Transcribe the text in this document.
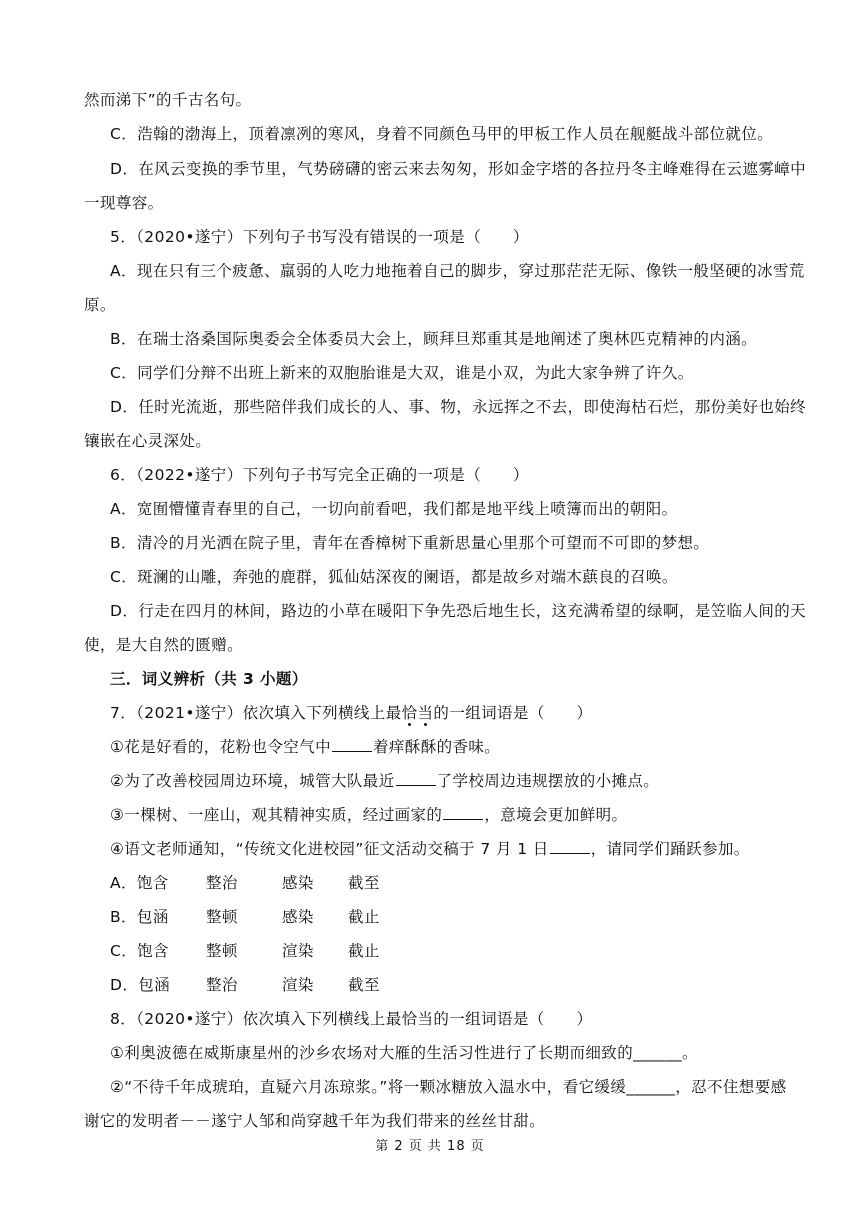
然而涕下”的千古名句。
C．浩翰的渤海上，顶着凛冽的寒风，身着不同颜色马甲的甲板工作人员在舰艇战斗部位就位。
D．在风云变换的季节里，气势磅礴的密云来去匆匆，形如金字塔的各拉丹冬主峰难得在云遮雾嶂中
一现尊容。
5．（2020•遂宁）下列句子书写没有错误的一项是（　　）
A．现在只有三个疲惫、羸弱的人吃力地拖着自己的脚步，穿过那茫茫无际、像铁一般坚硬的冰雪荒
原。
B．在瑞士洛桑国际奥委会全体委员大会上，顾拜旦郑重其是地阐述了奥林匹克精神的内涵。
C．同学们分辩不出班上新来的双胞胎谁是大双，谁是小双，为此大家争辨了许久。
D．任时光流逝，那些陪伴我们成长的人、事、物，永远挥之不去，即使海枯石烂，那份美好也始终
镶嵌在心灵深处。
6．（2022•遂宁）下列句子书写完全正确的一项是（　　）
A．宽囿懵懂青春里的自己，一切向前看吧，我们都是地平线上喷簿而出的朝阳。
B．清冷的月光洒在院子里，青年在香樟树下重新思量心里那个可望而不可即的梦想。
C．斑澜的山雕，奔弛的鹿群，狐仙姑深夜的阑语，都是故乡对端木蕻良的召唤。
D．行走在四月的林间，路边的小草在暖阳下争先恐后地生长，这充满希望的绿啊，是笠临人间的天
使，是大自然的匮赠。
三．词义辨析（共 3 小题）
7．（2021•遂宁）依次填入下列横线上最恰当的一组词语是（　　）
①花是好看的，花粉也令空气中	着痒酥酥的香味。
②为了改善校园周边环境，城管大队最近	了学校周边违规摆放的小摊点。
③一棵树、一座山，观其精神实质，经过画家的	，意境会更加鲜明。
④语文老师通知，“传统文化进校园”征文活动交稿于 7 月 1 日	，请同学们踊跃参加。
A．饱含 整治	感染 截至
B．包涵 整顿	感染 截止
C．饱含 整顿	渲染 截止
D．包涵 整治	渲染 截至
8．（2020•遂宁）依次填入下列横线上最恰当的一组词语是（　　）
①利奥波德在威斯康星州的沙乡农场对大雁的生活习性进行了长期而细致的______。
②“不待千年成琥珀，直疑六月冻琼浆。”将一颗冰糖放入温水中，看它缓缓______，忍不住想要感
谢它的发明者－－遂宁人邹和尚穿越千年为我们带来的丝丝甘甜。
第 2 页 共 18 页
